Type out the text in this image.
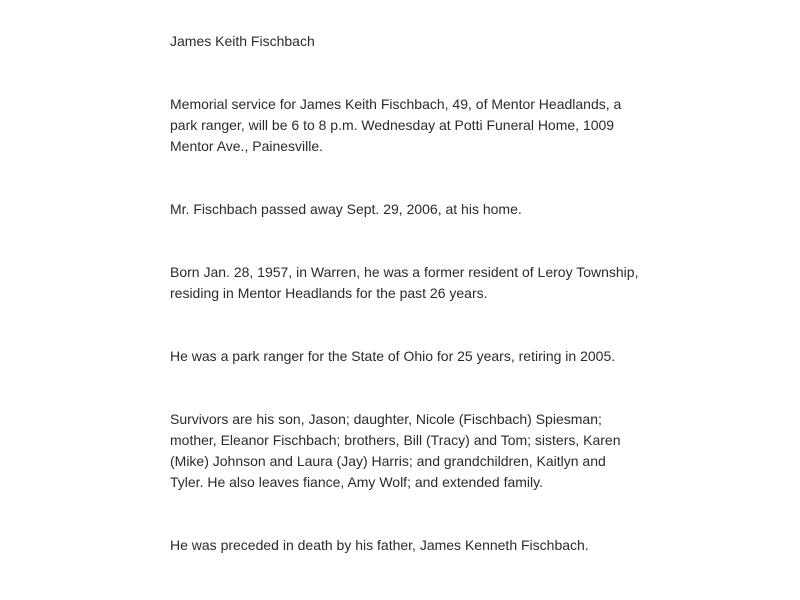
James Keith Fischbach

Memorial service for James Keith Fischbach, 49, of Mentor Headlands, a park ranger, will be 6 to 8 p.m. Wednesday at Potti Funeral Home, 1009 Mentor Ave., Painesville.

Mr. Fischbach passed away Sept. 29, 2006, at his home.

Born Jan. 28, 1957, in Warren, he was a former resident of Leroy Township, residing in Mentor Headlands for the past 26 years.

He was a park ranger for the State of Ohio for 25 years, retiring in 2005.

Survivors are his son, Jason; daughter, Nicole (Fischbach) Spiesman; mother, Eleanor Fischbach; brothers, Bill (Tracy) and Tom; sisters, Karen (Mike) Johnson and Laura (Jay) Harris; and grandchildren, Kaitlyn and Tyler. He also leaves fiance, Amy Wolf; and extended family.

He was preceded in death by his father, James Kenneth Fischbach.
